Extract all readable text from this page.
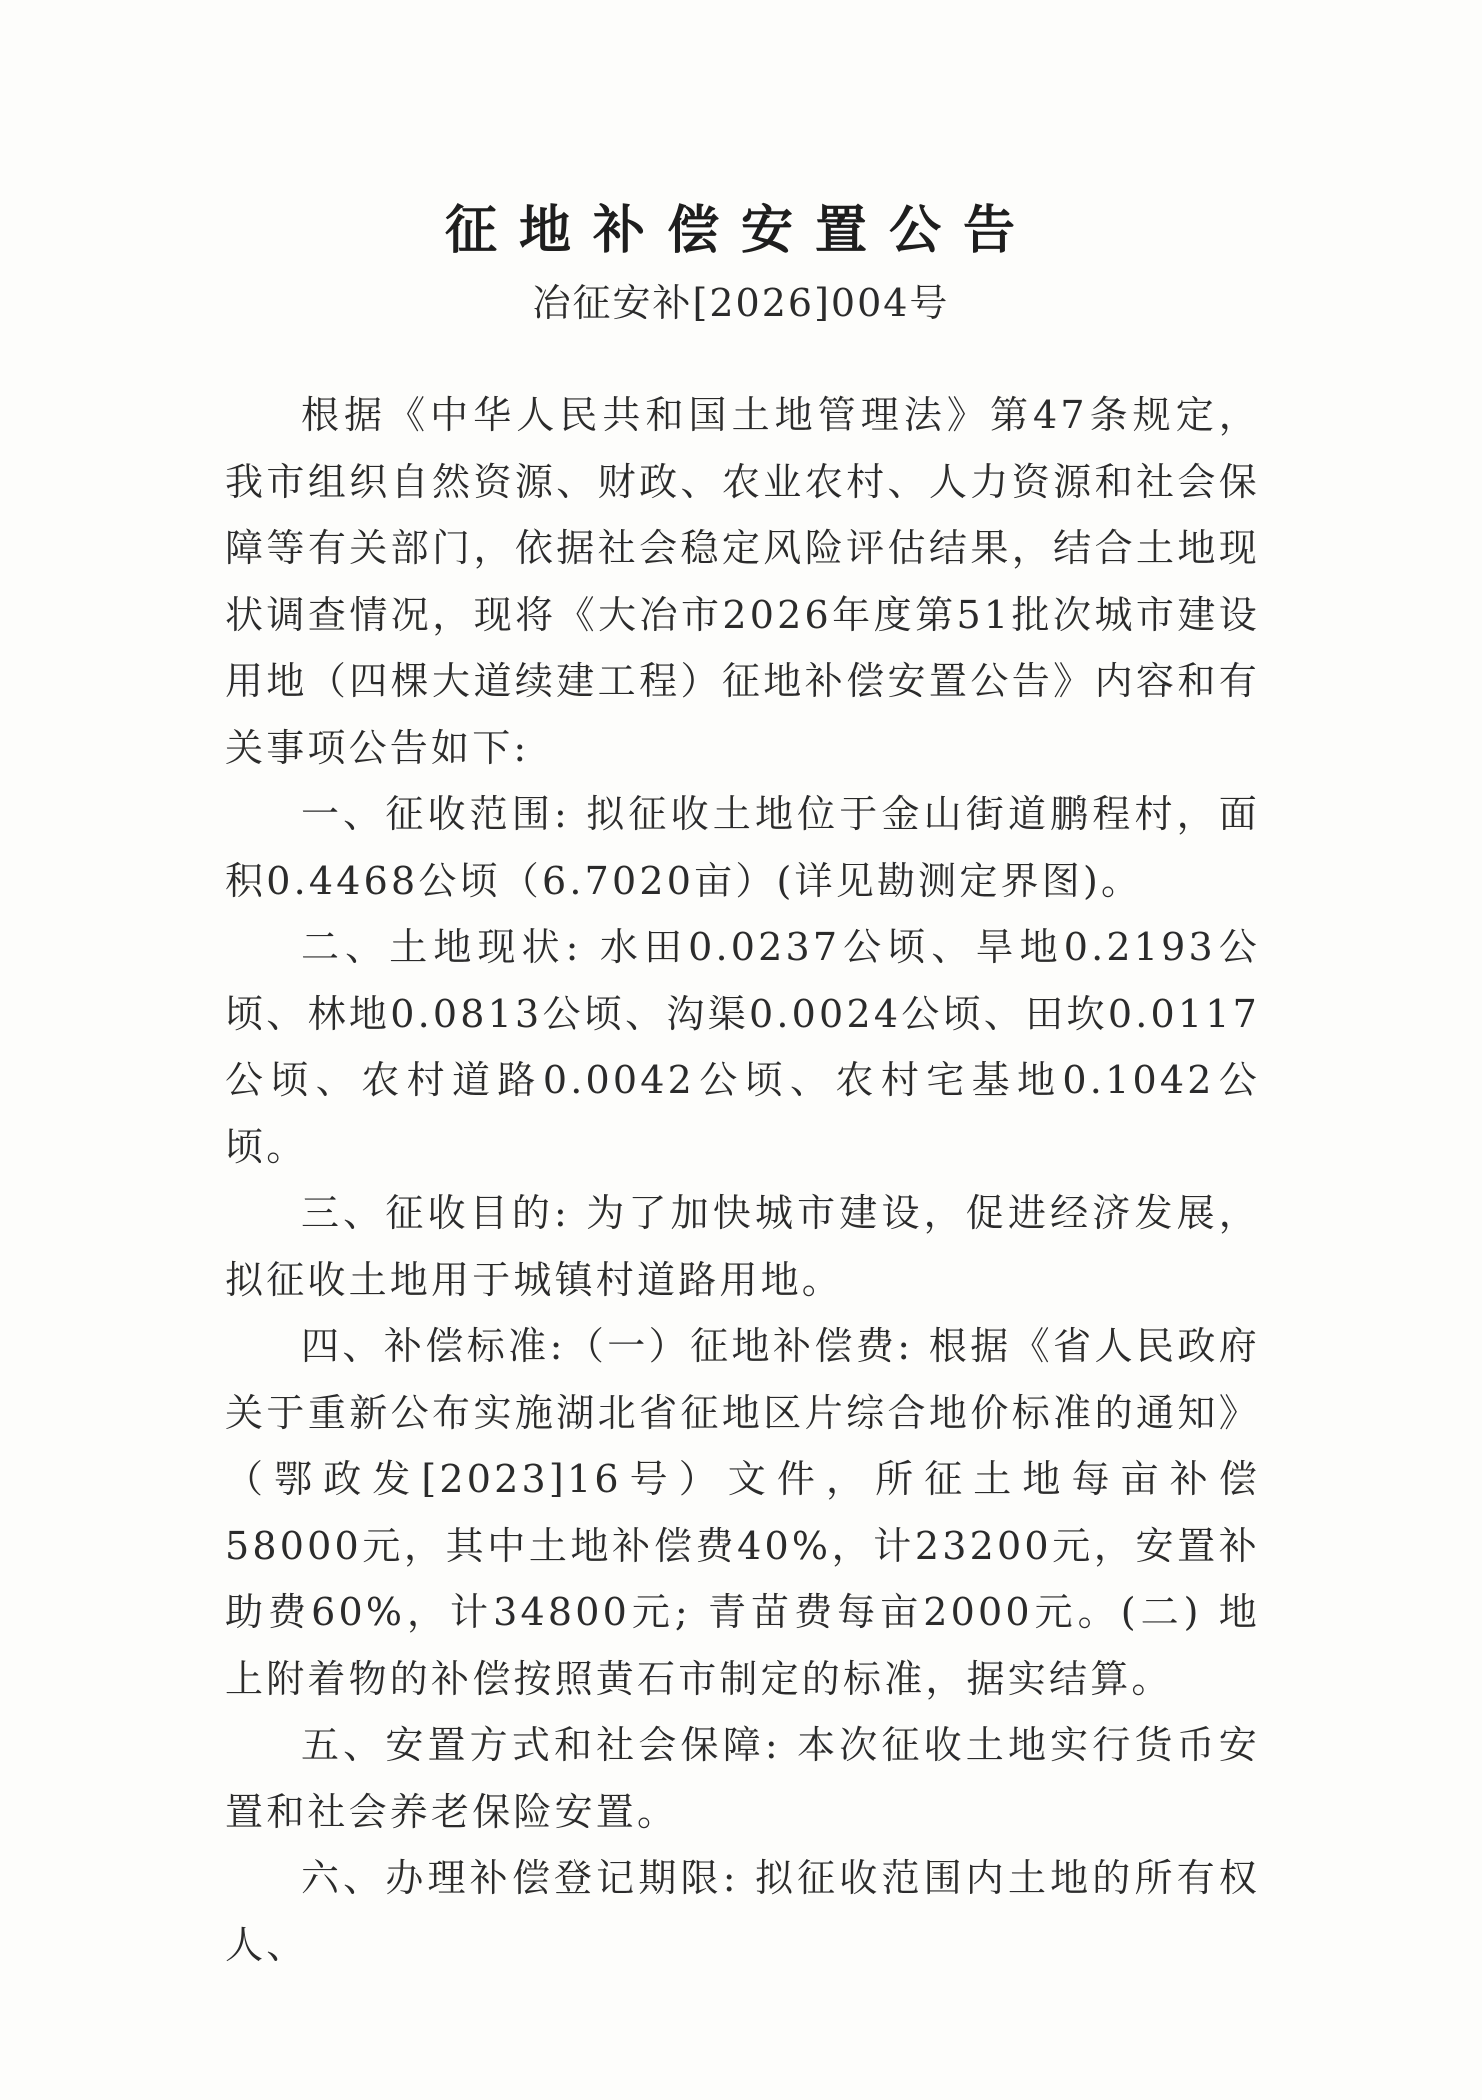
征地补偿安置公告
冶征安补[2026]004号

根据《中华人民共和国土地管理法》第47条规定，我市组织自然资源、财政、农业农村、人力资源和社会保障等有关部门，依据社会稳定风险评估结果，结合土地现状调查情况，现将《大冶市2026年度第51批次城市建设用地（四棵大道续建工程）征地补偿安置公告》内容和有关事项公告如下:

一、征收范围: 拟征收土地位于金山街道鹏程村，面积0.4468公顷（6.7020亩）(详见勘测定界图)。

二、土地现状: 水田0.0237公顷、旱地0.2193公顷、林地0.0813公顷、沟渠0.0024公顷、田坎0.0117公顷、农村道路0.0042公顷、农村宅基地0.1042公顷。

三、征收目的: 为了加快城市建设，促进经济发展，拟征收土地用于城镇村道路用地。

四、补偿标准:（一）征地补偿费: 根据《省人民政府关于重新公布实施湖北省征地区片综合地价标准的通知》（鄂政发[2023]16号）文件，所征土地每亩补偿58000元，其中土地补偿费40%，计23200元，安置补助费60%，计34800元; 青苗费每亩2000元。(二) 地上附着物的补偿按照黄石市制定的标准，据实结算。

五、安置方式和社会保障: 本次征收土地实行货币安置和社会养老保险安置。

六、办理补偿登记期限: 拟征收范围内土地的所有权人、
